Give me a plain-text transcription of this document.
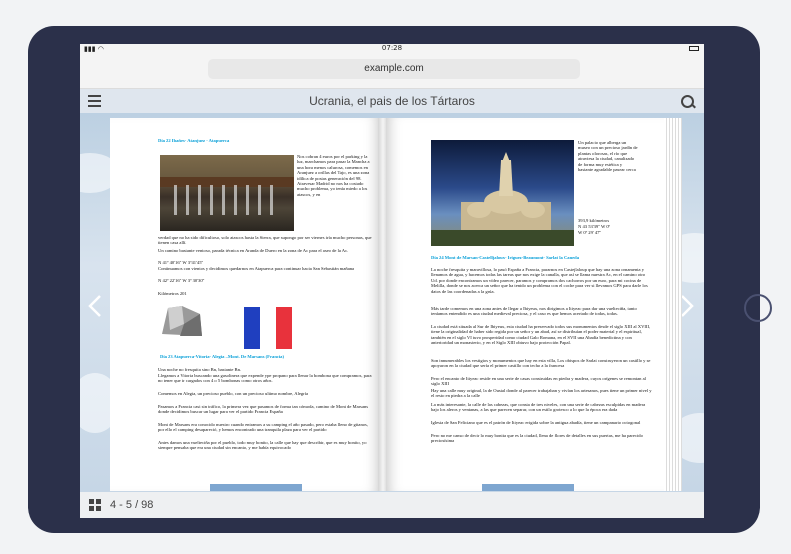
▮▮▮ ◠	07:28
example.com
Ucrania, el pais de los Tártaros
Día 22 Ibañes- Atanjuez - Atapuerca
Nos cobran 4 euros por el parking y la luz, marchamos para pasar la Mancha a una hora menos calurosa, comemos en Aranjuez a orillas del Tajo, es una zona idílica de postas generación del 98. Atravesar Madrid no nos ha costado mucho problema, yo tenía miedo a los atascos, y en
verdad que no ha sido dificultoso, solo atascos hasta la Sierra, que supongo por ser viernes iría mucho personas, que tienen casa allí.
Un camino bastante ventoso, parada técnica en Aranda de Duero en la zona de Ac para el aseo de la Ac.
N 41º 40'16'' W 3º41'45''
Continuamos con vientos y decidimos quedarnos en Atapuerca para continuar hacia San Sebastián mañana
N 42º 22'16'' W 3º 30'30''
Kilómetros 201
Día 23 Atapuerca-Vitoria- Alegia –Mont. De Marsans (Francia)
Una noche no fresquita sino Bn, bastante Bn.
Llegamos a Vitoria buscando una gasolinera que expende ype propano para llenar la bombona que compramos, para no tener que ir cargados con 4 o 5 bombonas como otros años.
Comemos en Alegia, un precioso pueblo, con un precioso ultimo nombre, Alegría
Pasamos a Francia casi sin tráfico, la primera vez que pasamos de forma tan cómoda, camino de Mont de Marsans donde decidimos buscar un lugar para ver el partido Francia España
Mont de Marsans era conocido nuestro cuando entramos a su camping el año pasado, pero estaba lleno de gitanos, por ello el camping desapareció, y hemos encontrado una tranquila plaza para ver el partido
Antes damos una vuelteciña por el pueblo, todo muy bonito, la calle que hay que describir, que es muy bonito, yo siempre pensaba que era una ciudad sin encanto, y me había equivocado
Un palacio que alberga un museo con un precioso jardín de plantas olorosas, el río que atraviesa la ciudad, canalizado de forma muy estética y bastante agradable pasear cerca
393,9 kilómetros
N 43 53'39'' W 0º
W 0º 29' 47''
Día 24 Mont de Marsan-Castelljaloux- Iriguez-Beaumont- Sarlat la Caneda
La noche fresquita y maravillosa, lo pasó España a Francia, pararnos en Castejlaloup que hay una zona ornamenta y llenamos de agua, y hacemos todas las tareas que nos exige la canalla, que así se llama nuestra Ac, en el camino otro Ud. por donde encontramos un vídeo parecer, paramos y compramos dos cachorros por un euro, para mi cocina de Melilla, donde se nos acerca un señor que ha tenido un problema con el coche para ver si llevamos GPS para darle los datos de las coordenadas a la grúa.
Más tarde comemos en una zona antes de llegar a Ibiyeux, nos dirigimos a Itiyeac para dar una vuelteciña, tanto teníamos entendido es una ciudad medieval preciosa, y el caso es que hemos acertado de todas, todas.
La ciudad está situada al Sur de Ibiyeux, esta ciudad ha preservado todos sus monumentos desde el siglo XIII al XVIII, tiene la originalidad de haber sido regida por un señor y un abad, así se distribuían el poder material y el espiritual, también en el siglo VI tuvo prosperidad como ciudad Galo Romana, en el SVII una Abadía benedictina y con anterioridad un monasterio, y en el Siglo XIII obtuvo bajo protección Papal.
Son innumerables los vestigios y monumentos que hay en esta villa, Los obispos de Sarlat construyeron un castillo y se apoyaron en la ciudad que sería el primer castillo con techo a la francesa
Pero el encanto de Itiyeac reside en una serie de casas construidas en piedra y madera, cuyos orígenes se remontan al siglo XIII
Hay una calle muy original, la de Oustal donde al parecer trabajaban y vivían los artesanos, pues tiene un primer nivel y el resto en piedra a la calle
La más interesante, la calle de las cabezas, que consta de tres niveles, con una serie de cabezas esculpidas en madera bajo los aleros y ventanas, a las que parecen separar, con un estilo grotesco a lo que la época era dada
Iglesia de San Feliciano que es el patrón de Itiyeac erigida sobre la antigua abadía, tiene un campanario octogonal
Pero no me canso de decir lo muy bonita que es la ciudad, llena de flores de detalles en sus puertas, me ha parecido preciosísima
4 - 5 / 98
